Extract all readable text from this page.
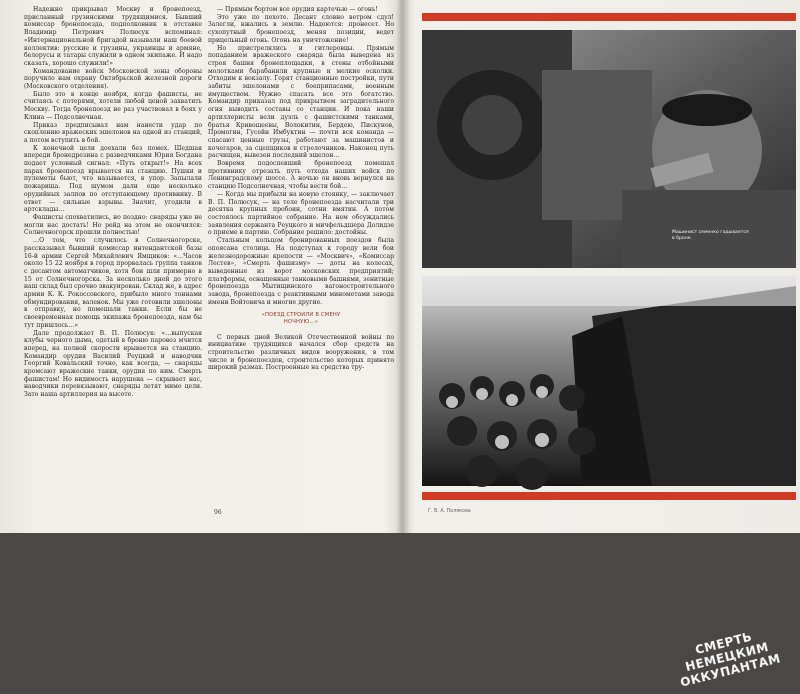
Надежно прикрывал Москву и бронепоезд, присланный грузинскими трудящимися. Бывший комиссар бронепоезда, подполковник в отставке Владимир Петрович Полюсук вспоминал: «Интернациональной бригадой называли наш боевой коллектив: русские и грузины, украинцы и армяне, белорусы и татары служили в одном экипаже. И надо сказать, хорошо служили!»

Командование войск Московской зоны обороны поручило нам охрану Октябрьской железной дороги (Московского отделения).

Было это в конце ноября, когда фашисты, не считаясь с потерями, хотели любой ценой захватить Москву. Тогда бронепоезд не раз участвовал в боях у Клина — Подсолнечная.

Приказ предписывал нам нанести удар по скоплению вражеских эшелонов на одной из станций, а потом вступить в бой.

К конечной цели доехали без помех. Шедшая впереди бронедрезина с разведчиками Юрия Богдана подает условный сигнал: «Путь открыт!» На всех парах бронепоезд врывается на станцию. Пушки и пулеметы бьют, что называется, в упор. Запылали пожарища. Под шумом дали еще несколько орудийных залпов по отступающему противнику. В ответ — сильные взрывы. Значит, угодили в артсклады…

Фашисты спохватились, но поздно: снаряды уже не могли нас достать! Но рейд на этом не окончился: Солнечногорск прошли полностью!

…О том, что случилось в Солнечногорске, рассказывал бывший комиссар интендантской базы 16-й армии Сергей Михайлович Ямщиков: «…Часов около 15 22 ноября в город прорвалась группа танков с десантом автоматчиков, хотя бои шли примерно в 15 от Солнечногорска. За несколько дней до этого наш склад был срочно эвакуирован. Склад же, в адрес армии К. К. Рокоссовского, прибыло много тоннами обмундирования, валенок. Мы уже готовили эшелоны в отправку, но помешали танки. Если бы не своевременная помощь экипажа бронепоезда, нам бы тут пришлось…»

Дале продолжает В. П. Полюсук: «…выпуская клубы черного дыма, одетый в броню паровоз мчится вперед, на полной скорости врывается на станцию. Командир орудия Василий Реуцкий и наводчик Георгий Ковальский точно, как всегда, — снаряды кромсают вражеские танки, орудия по ним. Смерть фашистам! Но видимость нарушена — скрывает нас, наводчики перевязывают, снаряды летят мимо цели. Зато наша артиллерия на высоте.

— Прямым бортом все орудия картечью — огонь!

Это уже по пехоте. Десант словно ветром сдул! Залегли, вжались в землю. Надеются: пронесет. Но сухопутный бронепоезд, меняя позиции, ведет прицельный огонь. Огонь на уничтожение!

Но пристрелялись и гитлеровцы. Прямым попаданием вражеского снаряда была выведена из строя башня бронеплощадки, в стены отбойными молотками барабанили крупные и мелкие осколки. Отходим к вокзалу. Горят станционные постройки, пути забиты эшелонами с боеприпасами, военным имуществом. Нужно спасать все это богатство. Командир приказал под прикрытием заградительного огня выводить составы со станции. И пока наши артиллеристы вели дуэль с фашистскими танками, братья Кривошеевы, Волокитин, Бердею, Пискунов, Промогин, Гусейн Имбуктин — почти вся команда — спасают ценные грузы, работают за машинистов и кочегаров, за сцепщиков и стрелочников. Наконец путь расчищен, вывезен последний эшелон…

Вовремя подоспевший бронепоезд помешал противнику отрезать путь отхода наших войск по Ленинградскому шоссе. А ночью он вновь вернулся на станцию Подсолнечная, чтобы вести бой…

— Когда мы прибыли на новую стоянку, — заключает В. П. Полюсук, — на теле бронепоезда насчитали три десятка крупных пробоин, сотни вмятин. А потом состоялось партийное собрание. На нем обсуждались заявления сержанта Реуцкого и мичфельдшера Долидзе о приеме в партию. Собрание решило: достойны.

Стальным кольцом бронированных поездов была опоясана столица. На подступах к городу вели бои железнодорожные крепости — «Москвич», «Комиссар Лестев», «Смерть фашизму» — доты на колесах, выведенные из ворот московских предприятий; платформы, оснащенные танковыми башнями, зенитные бронепоезда Мытищинского вагоностроительного завода, бронепоезда с реактивными минометами завода имени Войтовича и многие другие.

«ПОЕЗД СТРОИЛИ В СМЕНУ НОЧНУЮ…»

С первых дней Великой Отечественной войны по инициативе трудящихся начался сбор средств на строительство различных видов вооружения, в том числе и бронепоездов, строительство которых принято широкий размах. Построенные на средства тру-

96
Машинист семенко гадывается в броне.
СМЕРТЬ НЕМЕЦКИМ ОККУПАНТАМ
Г. В. А. Полякова
